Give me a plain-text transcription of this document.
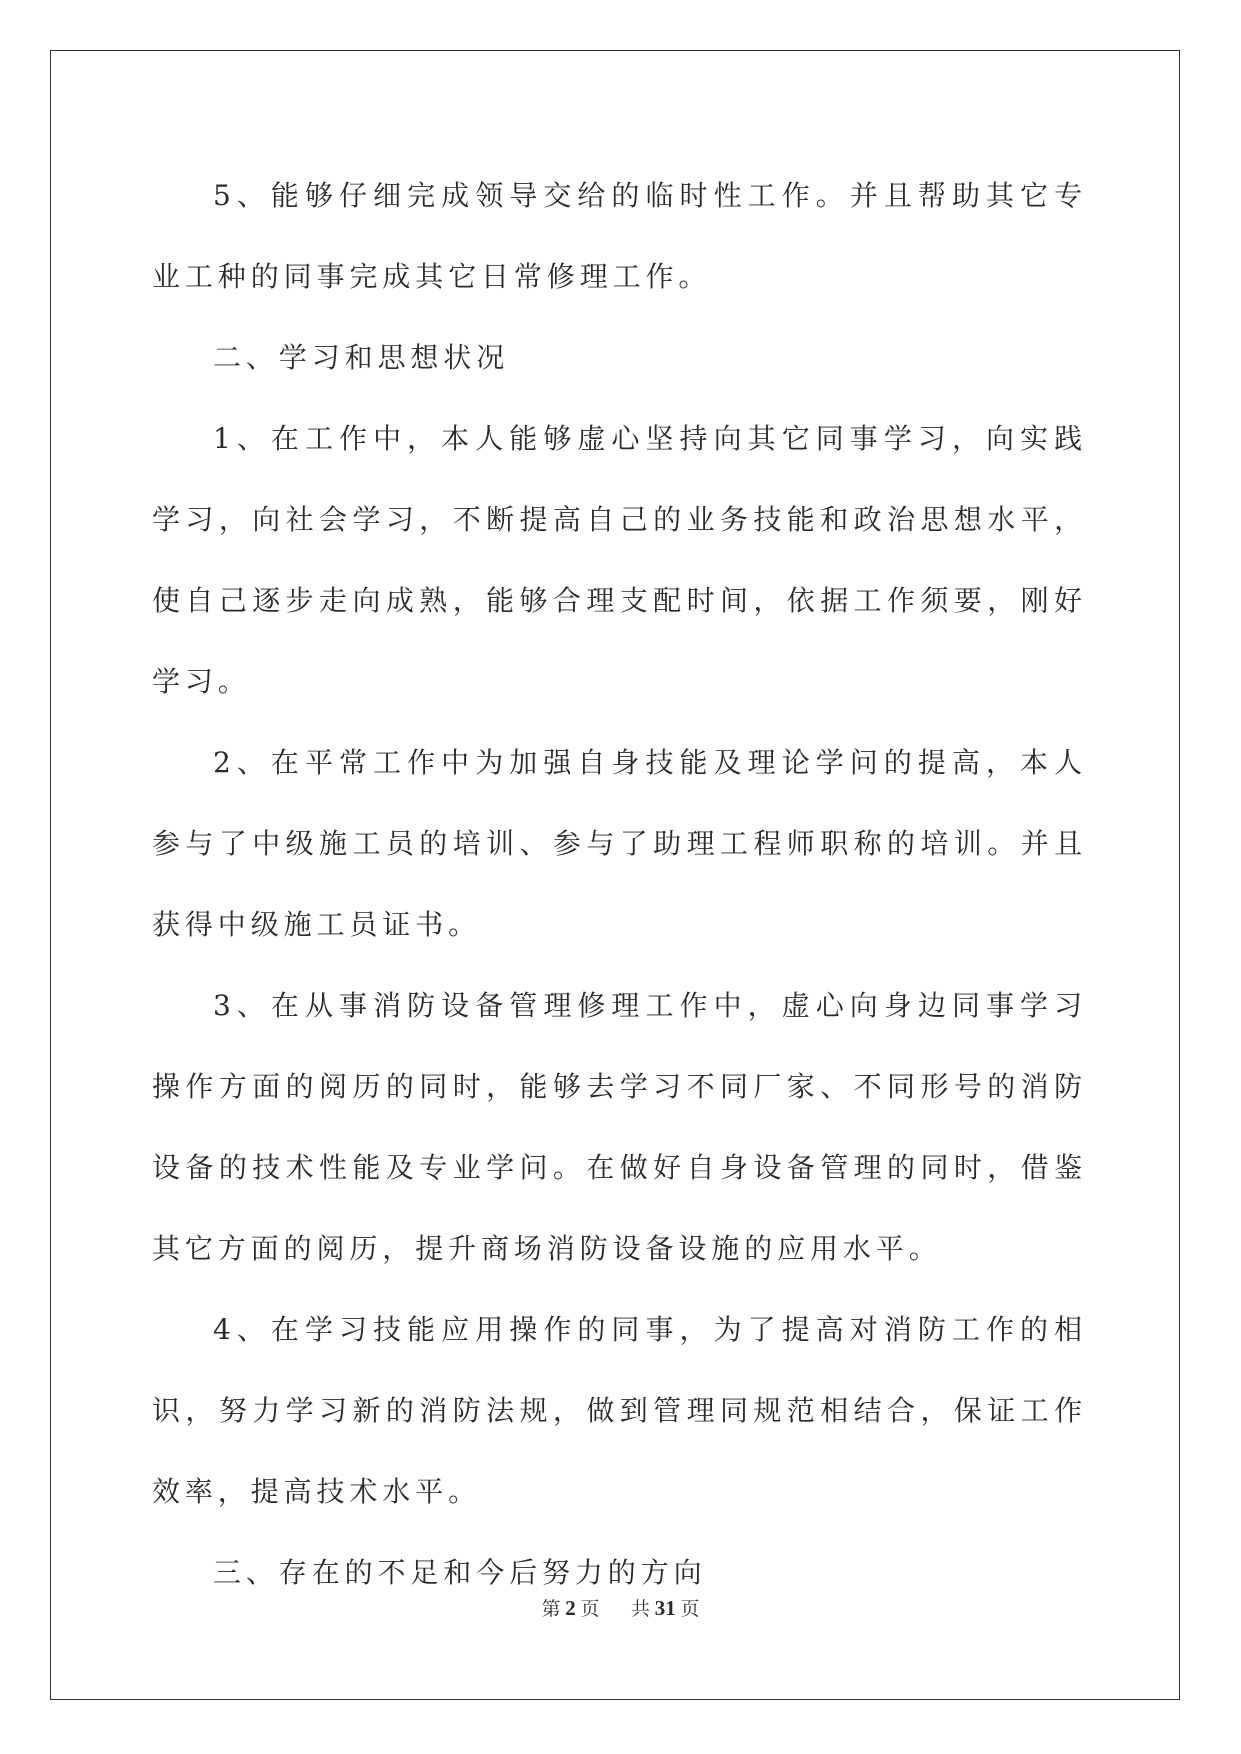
5、能够仔细完成领导交给的临时性工作。并且帮助其它专业工种的同事完成其它日常修理工作。

二、学习和思想状况

1、在工作中，本人能够虚心坚持向其它同事学习，向实践学习，向社会学习，不断提高自己的业务技能和政治思想水平，使自己逐步走向成熟，能够合理支配时间，依据工作须要，刚好学习。

2、在平常工作中为加强自身技能及理论学问的提高，本人参与了中级施工员的培训、参与了助理工程师职称的培训。并且获得中级施工员证书。

3、在从事消防设备管理修理工作中，虚心向身边同事学习操作方面的阅历的同时，能够去学习不同厂家、不同形号的消防设备的技术性能及专业学问。在做好自身设备管理的同时，借鉴其它方面的阅历，提升商场消防设备设施的应用水平。

4、在学习技能应用操作的同事，为了提高对消防工作的相识，努力学习新的消防法规，做到管理同规范相结合，保证工作效率，提高技术水平。

三、存在的不足和今后努力的方向

第 2 页 共 31 页
